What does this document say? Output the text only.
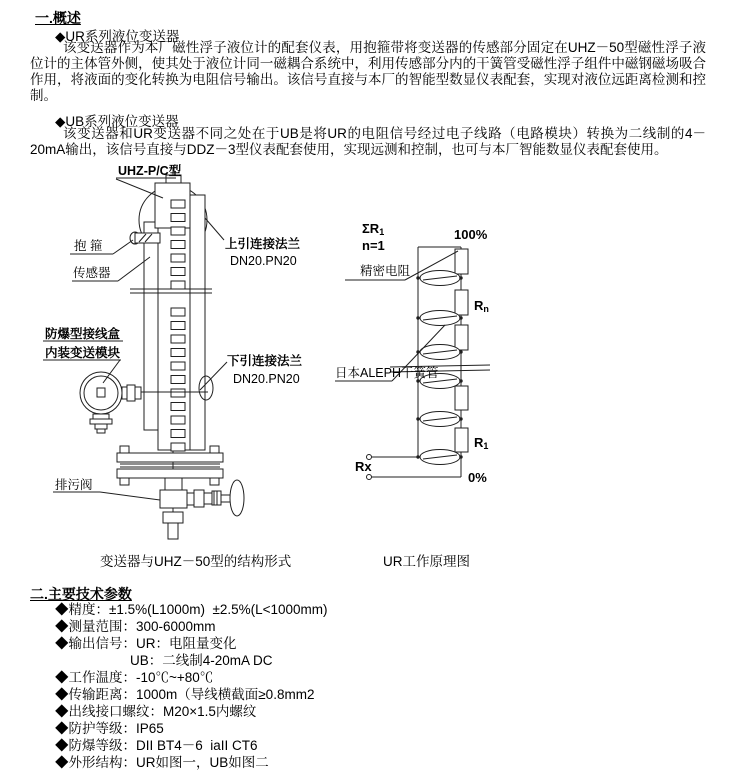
一.概述
◆UR系列液位变送器
该变送器作为本厂磁性浮子液位计的配套仪表，用抱箍带将变送器的传感部分固定在UHZ－50型磁性浮子液位计的主体管外侧，使其处于液位计同一磁耦合系统中，利用传感部分内的干簧管受磁性浮子组件中磁钢磁场吸合作用，将液面的变化转换为电阻信号输出。该信号直接与本厂的智能型数显仪表配套，实现对液位远距离检测和控制。
◆UB系列液位变送器
该变送器和UR变送器不同之处在于UB是将UR的电阻信号经过电子线路（电路模块）转换为二线制的4－20mA输出，该信号直接与DDZ－3型仪表配套使用，实现远测和控制，也可与本厂智能数显仪表配套使用。
UHZ-P/C型
抱 箍
传感器
上引连接法兰
DN20.PN20
防爆型接线盒
内装变送模块
下引连接法兰
DN20.PN20
排污阀
ΣR1
n=1
100%
精密电阻
Rn
日本ALEPH干簧管
R1
Rx
0%
变送器与UHZ－50型的结构形式	UR工作原理图
二.主要技术参数
◆精度：±1.5%(L1000m)  ±2.5%(L<1000mm)
◆测量范围：300-6000mm
◆输出信号：UR：电阻量变化
UB：二线制4-20mA DC
◆工作温度：-10℃~+80℃
◆传输距离：1000m（导线横截面≥0.8mm2
◆出线接口螺纹：M20×1.5内螺纹
◆防护等级：IP65
◆防爆等级：DII BT4－6  iaII CT6
◆外形结构：UR如图一，UB如图二
